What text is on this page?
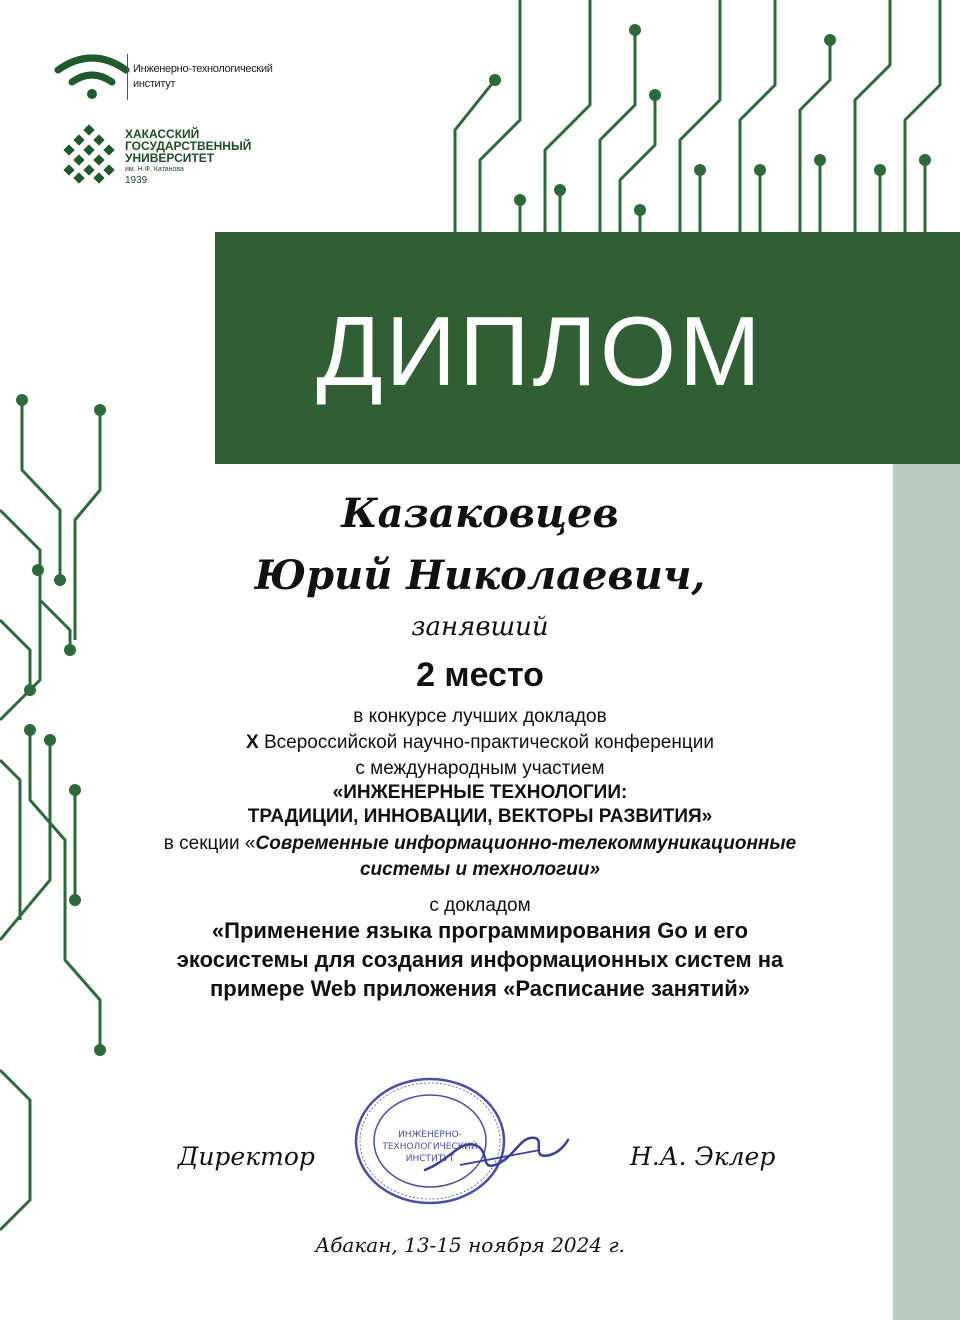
Инженерно-технологический институт
ХАКАССКИЙ ГОСУДАРСТВЕННЫЙ УНИВЕРСИТЕТ
им. Н.Ф. Катанова
1939
ДИПЛОМ
Казаковцев
Юрий Николаевич,
занявший
2 место
в конкурсе лучших докладов
X Всероссийской научно-практической конференции
с международным участием
«ИНЖЕНЕРНЫЕ ТЕХНОЛОГИИ:
ТРАДИЦИИ, ИННОВАЦИИ, ВЕКТОРЫ РАЗВИТИЯ»
в секции «Современные информационно-телекоммуникационные
системы и технологии»
с докладом
«Применение языка программирования Go и его
экосистемы для создания информационных систем на
примере Web приложения «Расписание занятий»
ИНЖЕНЕРНО-
ТЕХНОЛОГИЧЕСКИЙ
ИНСТИТУТ
Директор	Н.А. Эклер
Абакан, 13-15 ноября 2024 г.
